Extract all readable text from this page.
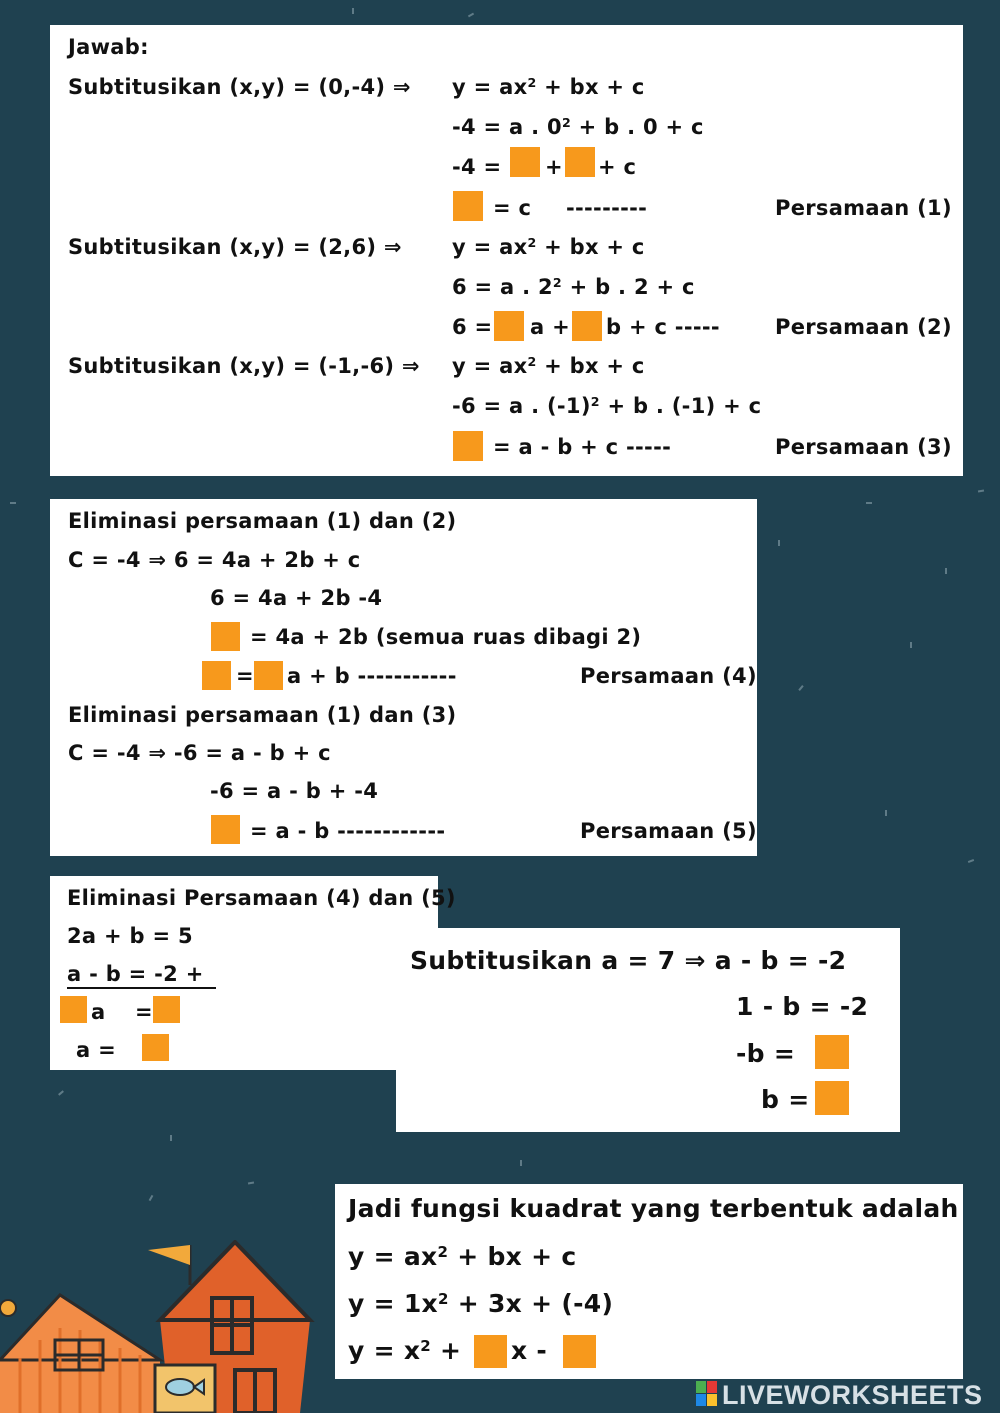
Jawab:
Subtitusikan (x,y) = (0,-4) ⇒ $y = ax^2$ + bx + c
-4 = a . $0^2 + b$ . 0 + c
-4 = + + c
= c ---------	Persamaan (1)
Subtitusikan (x,y) = (2,6) ⇒ $y = ax^2$ + bx + c
6 = a . $2^2 + b$ . 2 + c
6 = a + b + c -----	Persamaan (2)
Subtitusikan (x,y) = (-1,-6) ⇒ $y = ax^2$ + bx + c
-6 = a . $(-1)^2 + b$ . (-1) + c
= a - b + c -----	Persamaan (3)
Eliminasi persamaan (1) dan (2)
C = -4 ⇒ 6 = 4a + 2b + c
6 = 4a + 2b -4
= 4a + 2b (semua ruas dibagi 2)
= a + b -----------	Persamaan (4)
Eliminasi persamaan (1) dan (3)
C = -4 ⇒ -6 = a - b + c
-6 = a - b + -4
= a - b ------------	Persamaan (5)
Eliminasi Persamaan (4) dan (5)
2a + b = 5
a - b = -2 +
a =
a =
Subtitusikan a = 7 ⇒ a - b = -2
1 - b = -2
-b =
b =
Jadi fungsi kuadrat yang terbentuk adalah
$y = ax^2$ + bx + c
$y = 1x^2 + 3x + (-4)$
$y = x^2 + x$ -
LIVEWORKSHEETS
